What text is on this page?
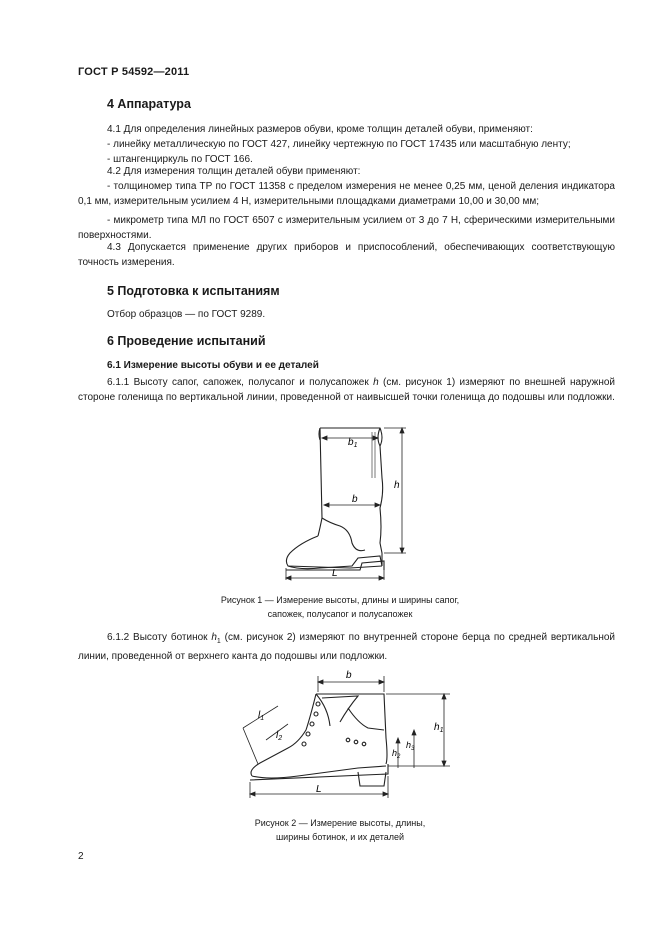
ГОСТ Р 54592—2011
4 Аппаратура

4.1 Для определения линейных размеров обуви, кроме толщин деталей обуви, применяют:

- линейку металлическую по ГОСТ 427, линейку чертежную по ГОСТ 17435 или масштабную ленту;

- штангенциркуль по ГОСТ 166.

4.2 Для измерения толщин деталей обуви применяют:

- толщиномер типа ТР по ГОСТ 11358 с пределом измерения не менее 0,25 мм, ценой деления индикатора 0,1 мм, измерительным усилием 4 Н, измерительными площадками диаметрами 10,00 и 30,00 мм;

- микрометр типа МЛ по ГОСТ 6507 с измерительным усилием от 3 до 7 Н, сферическими измерительными поверхностями.

4.3 Допускается применение других приборов и приспособлений, обеспечивающих соответствующую точность измерения.

5 Подготовка к испытаниям

Отбор образцов — по ГОСТ 9289.

6 Проведение испытаний
6.1 Измерение высоты обуви и ее деталей

6.1.1 Высоту сапог, сапожек, полусапог и полусапожек h (см. рисунок 1) измеряют по внешней наружной стороне голенища по вертикальной линии, проведенной от наивысшей точки голенища до подошвы или подложки.

$b_1$
b
h
L
Рисунок 1 — Измерение высоты, длины и ширины сапог,
сапожек, полусапог и полусапожек

6.1.2 Высоту ботинок $h_1$ (см. рисунок 2) измеряют по внутренней стороне берца по средней вертикальной линии, проведенной от верхнего канта до подошвы или подложки.

b
$h_1$
$l_1$
$l_2$
$h_2$
$h_3$
L
Рисунок 2 — Измерение высоты, длины,
ширины ботинок, и их деталей
2
